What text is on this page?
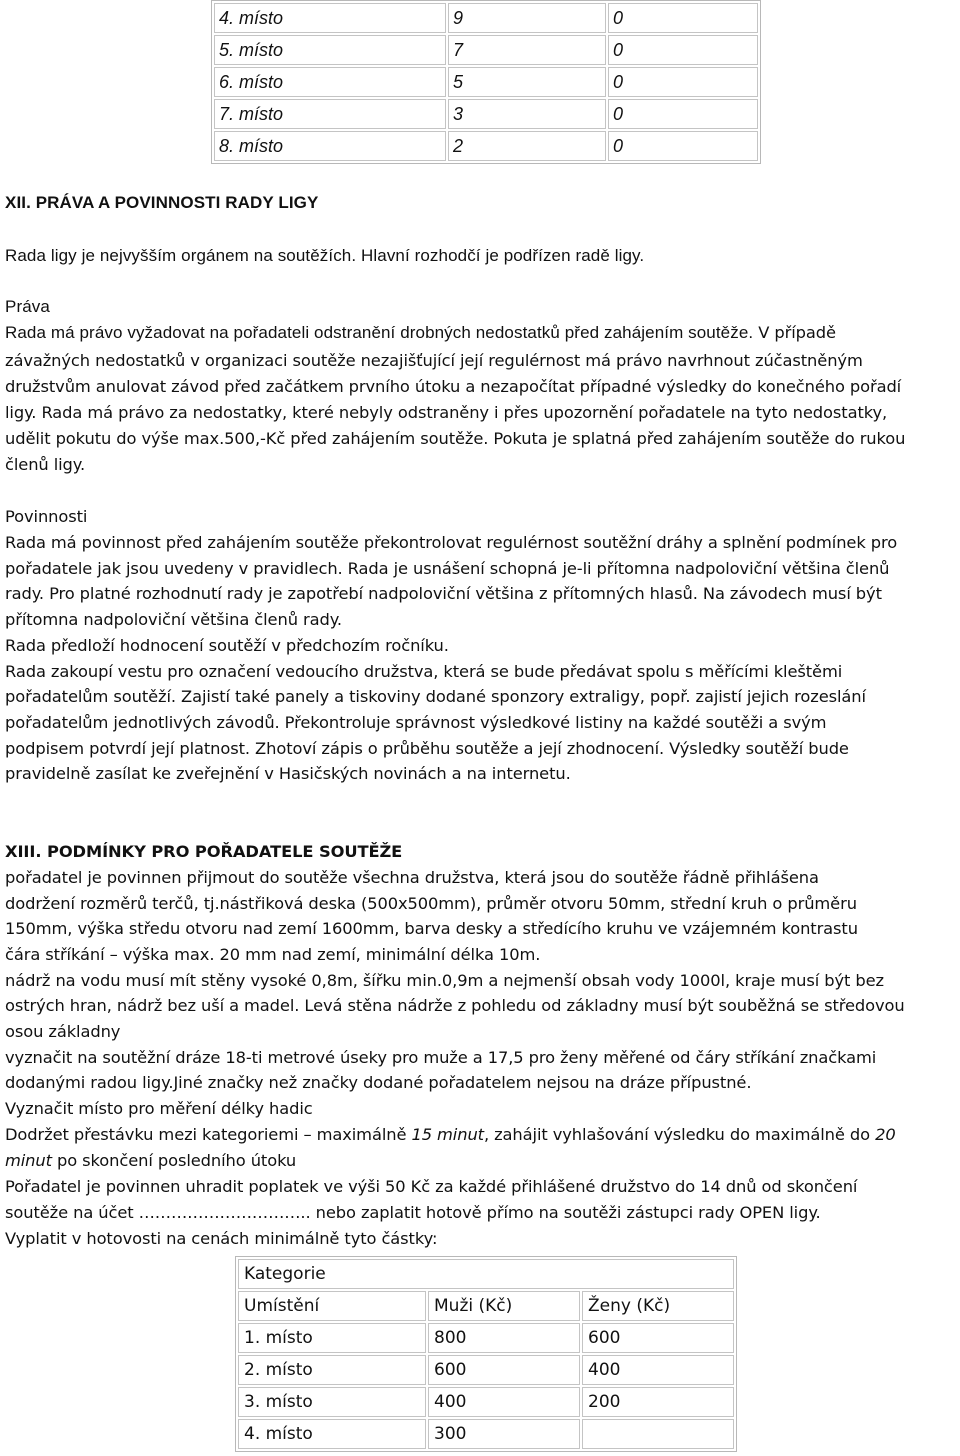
4. místo	9	0
5. místo	7	0
6. místo	5	0
7. místo	3	0
8. místo	2	0
XII. PRÁVA A POVINNOSTI RADY LIGY
Rada ligy je nejvyšším orgánem na soutěžích. Hlavní rozhodčí je podřízen radě ligy.
Práva
Rada má právo vyžadovat na pořadateli odstranění drobných nedostatků před zahájením soutěže. V případě
závažných nedostatků v organizaci soutěže nezajišťující její regulérnost má právo navrhnout zúčastněným
družstvům anulovat závod před začátkem prvního útoku a nezapočítat případné výsledky do konečného pořadí
ligy. Rada má právo za nedostatky, které nebyly odstraněny i přes upozornění pořadatele na tyto nedostatky,
udělit pokutu do výše max.500,-Kč před zahájením soutěže. Pokuta je splatná před zahájením soutěže do rukou
členů ligy.
Povinnosti
Rada má povinnost před zahájením soutěže překontrolovat regulérnost soutěžní dráhy a splnění podmínek pro
pořadatele jak jsou uvedeny v pravidlech. Rada je usnášení schopná je-li přítomna nadpoloviční většina členů
rady. Pro platné rozhodnutí rady je zapotřebí nadpoloviční většina z přítomných hlasů. Na závodech musí být
přítomna nadpoloviční většina členů rady.
Rada předloží hodnocení soutěží v předchozím ročníku.
Rada zakoupí vestu pro označení vedoucího družstva, která se bude předávat spolu s měřícími kleštěmi
pořadatelům soutěží. Zajistí také panely a tiskoviny dodané sponzory extraligy, popř. zajistí jejich rozeslání
pořadatelům jednotlivých závodů. Překontroluje správnost výsledkové listiny na každé soutěži a svým
podpisem potvrdí její platnost. Zhotoví zápis o průběhu soutěže a její zhodnocení. Výsledky soutěží bude
pravidelně zasílat ke zveřejnění v Hasičských novinách a na internetu.
XIII. PODMÍNKY PRO POŘADATELE SOUTĚŽE
pořadatel je povinnen přijmout do soutěže všechna družstva, která jsou do soutěže řádně přihlášena
dodržení rozměrů terčů, tj.nástřiková deska (500x500mm), průměr otvoru 50mm, střední kruh o průměru
150mm, výška středu otvoru nad zemí 1600mm, barva desky a středícího kruhu ve vzájemném kontrastu
čára stříkání – výška max. 20 mm nad zemí, minimální délka 10m.
nádrž na vodu musí mít stěny vysoké 0,8m, šířku min.0,9m a nejmenší obsah vody 1000l, kraje musí být bez
ostrých hran, nádrž bez uší a madel. Levá stěna nádrže z pohledu od základny musí být souběžná se středovou
osou základny
vyznačit na soutěžní dráze 18-ti metrové úseky pro muže a 17,5 pro ženy měřené od čáry stříkání značkami
dodanými radou ligy.Jiné značky než značky dodané pořadatelem nejsou na dráze přípustné.
Vyznačit místo pro měření délky hadic
Dodržet přestávku mezi kategoriemi – maximálně 15 minut, zahájit vyhlašování výsledku do maximálně do 20
minut po skončení posledního útoku
Pořadatel je povinnen uhradit poplatek ve výši 50 Kč za každé přihlášené družstvo do 14 dnů od skončení
soutěže na účet ………………………….. nebo zaplatit hotově přímo na soutěži zástupci rady OPEN ligy.
Vyplatit v hotovosti na cenách minimálně tyto částky:
Kategorie		
Umístění	Muži (Kč)	Ženy (Kč)
1. místo	800	600
2. místo	600	400
3. místo	400	200
4. místo	300	
